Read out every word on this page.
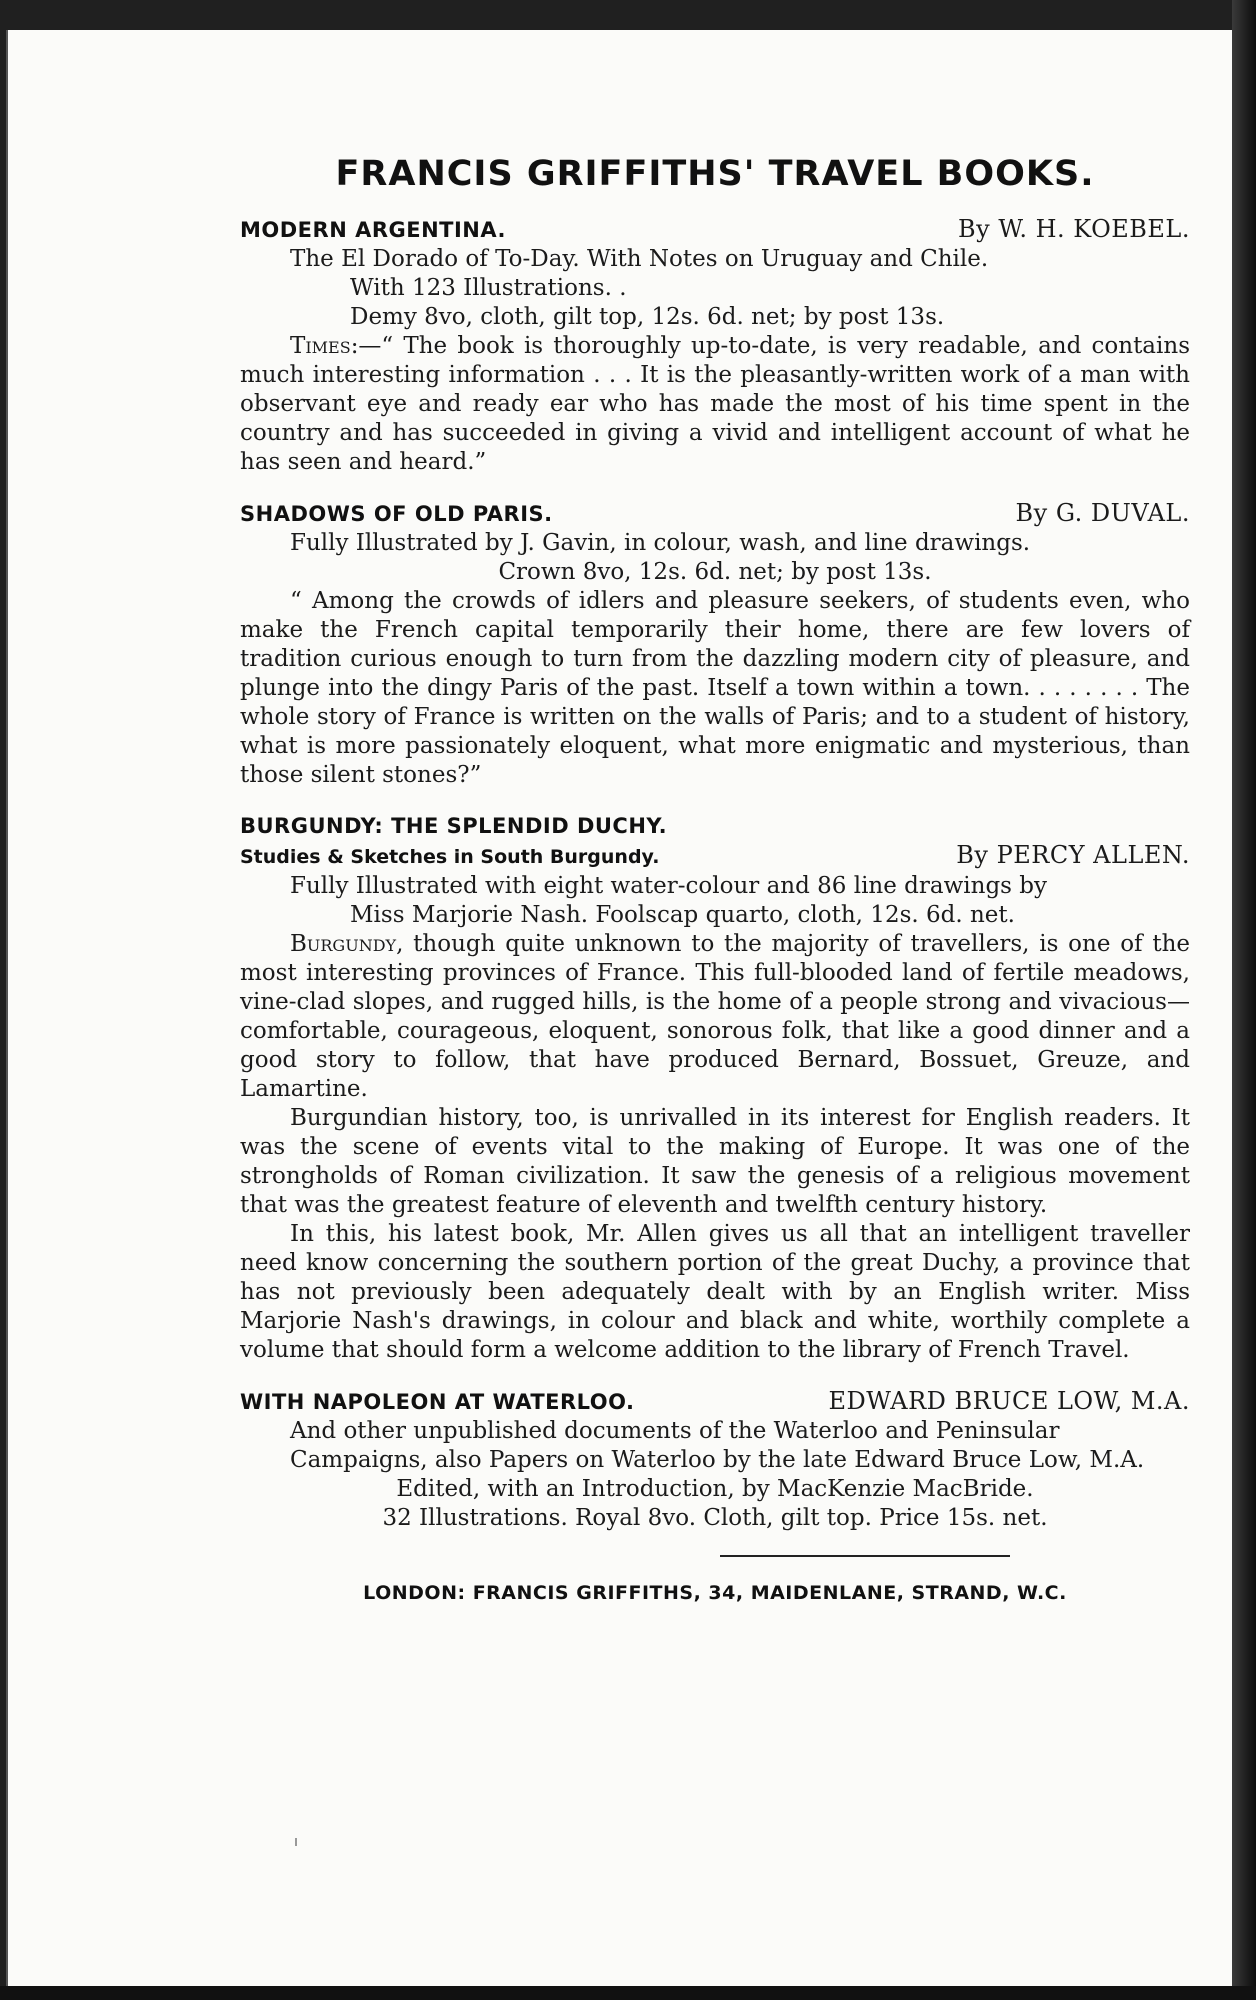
FRANCIS GRIFFITHS' TRAVEL BOOKS.
MODERN ARGENTINA.	By W. H. KOEBEL.
The El Dorado of To-Day. With Notes on Uruguay and Chile.
With 123 Illustrations. .
Demy 8vo, cloth, gilt top, 12s. 6d. net; by post 13s.
Times:—“ The book is thoroughly up-to-date, is very readable, and contains much interesting information . . . It is the pleasantly-written work of a man with observant eye and ready ear who has made the most of his time spent in the country and has succeeded in giving a vivid and intelligent account of what he has seen and heard.”
SHADOWS OF OLD PARIS.	By G. DUVAL.
Fully Illustrated by J. Gavin, in colour, wash, and line drawings.
Crown 8vo, 12s. 6d. net; by post 13s.
“ Among the crowds of idlers and pleasure seekers, of students even, who make the French capital temporarily their home, there are few lovers of tradition curious enough to turn from the dazzling modern city of pleasure, and plunge into the dingy Paris of the past. Itself a town within a town. . . . . . . . The whole story of France is written on the walls of Paris; and to a student of history, what is more passionately eloquent, what more enigmatic and mysterious, than those silent stones?”
BURGUNDY: THE SPLENDID DUCHY.
Studies & Sketches in South Burgundy.	By PERCY ALLEN.
Fully Illustrated with eight water-colour and 86 line drawings by
Miss Marjorie Nash. Foolscap quarto, cloth, 12s. 6d. net.
Burgundy, though quite unknown to the majority of travellers, is one of the most interesting provinces of France. This full-blooded land of fertile meadows, vine-clad slopes, and rugged hills, is the home of a people strong and vivacious—comfortable, courageous, eloquent, sonorous folk, that like a good dinner and a good story to follow, that have produced Bernard, Bossuet, Greuze, and Lamartine.
Burgundian history, too, is unrivalled in its interest for English readers. It was the scene of events vital to the making of Europe. It was one of the strongholds of Roman civilization. It saw the genesis of a religious movement that was the greatest feature of eleventh and twelfth century history.
In this, his latest book, Mr. Allen gives us all that an intelligent traveller need know concerning the southern portion of the great Duchy, a province that has not previously been adequately dealt with by an English writer. Miss Marjorie Nash's drawings, in colour and black and white, worthily complete a volume that should form a welcome addition to the library of French Travel.
WITH NAPOLEON AT WATERLOO.	EDWARD BRUCE LOW, M.A.
And other unpublished documents of the Waterloo and Peninsular Campaigns, also Papers on Waterloo by the late Edward Bruce Low, M.A.
Edited, with an Introduction, by MacKenzie MacBride.
32 Illustrations. Royal 8vo. Cloth, gilt top. Price 15s. net.
LONDON: FRANCIS GRIFFITHS, 34, MAIDENLANE, STRAND, W.C.
